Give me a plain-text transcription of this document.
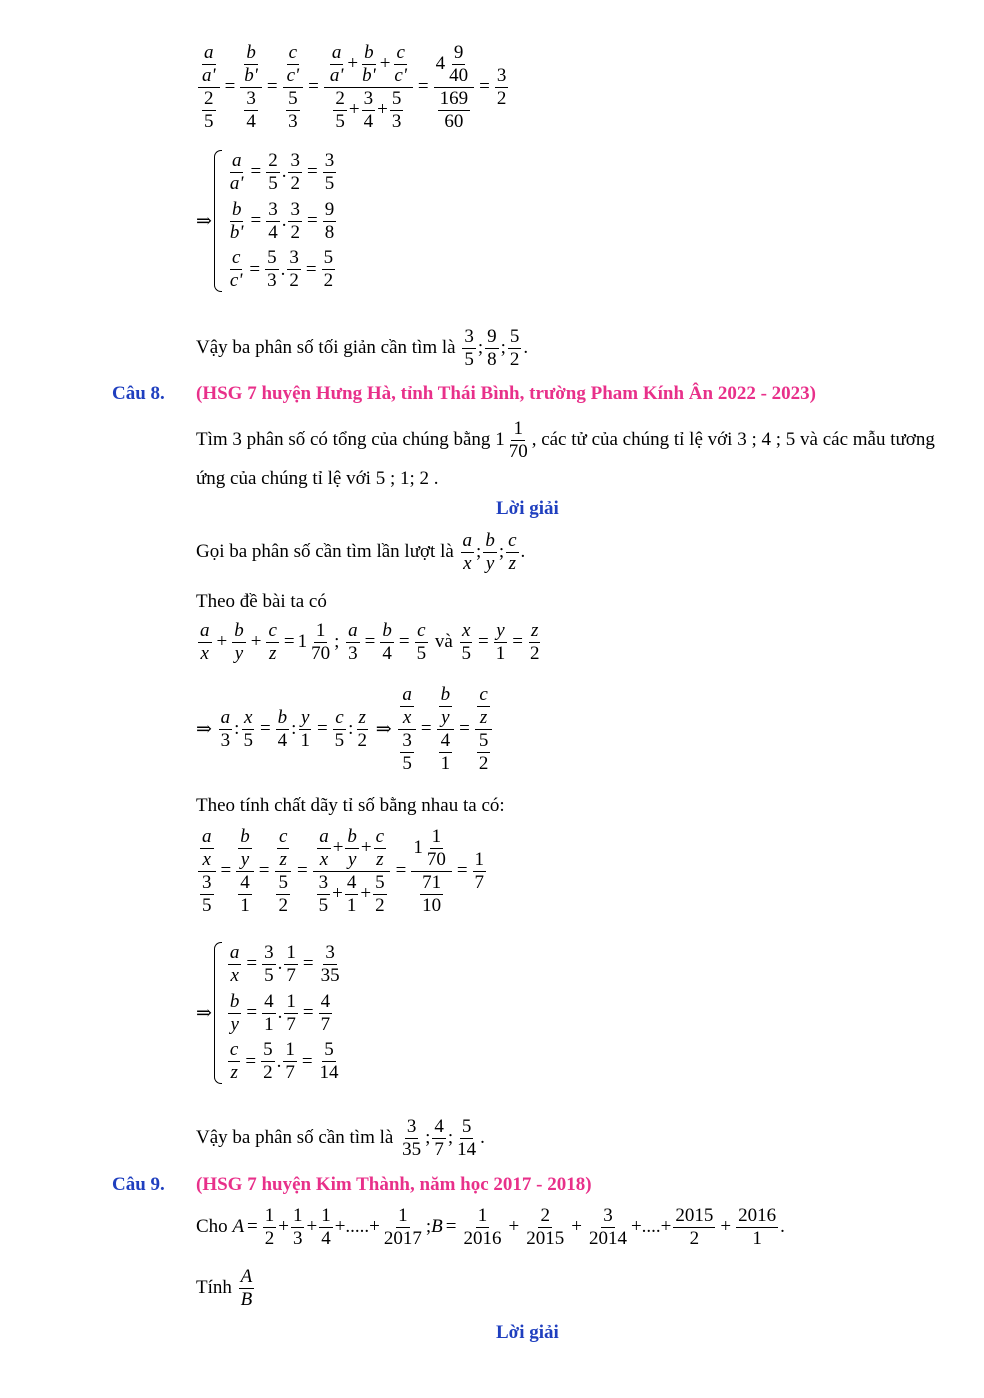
$\frac{\frac{a}{a'}}{\frac{2}{5}} = \frac{\frac{b}{b'}}{\frac{3}{4}} = \frac{\frac{c}{c'}}{\frac{5}{3}} = a$
a'
+ $\frac{b}{b'} + \frac{c}{c'}$
2
5
+ $\frac{3}{4} + \frac{5}{3} = 4$
9
40
$\frac{169}{60} = \frac{3}{2}$
⇒
$\frac{a}{a'} = \frac{2}{5}$ . $\frac{3}{2} = \frac{3}{5}$
$\frac{b}{b'} = \frac{3}{4}$ . $\frac{3}{2} = \frac{9}{8}$
$\frac{c}{c'} = \frac{5}{3}$ . $\frac{3}{2} = \frac{5}{2}$
Vậy ba phân số tối giản cần tìm là

3
5
;
9
8
;
5
2
.
Câu 8. (HSG 7 huyện Hưng Hà, tỉnh Thái Bình, trường Pham Kính Ân 2022 - 2023)
Tìm 3 phân số có tổng của chúng bằng
1
1
70
, các tử của chúng tỉ lệ với
3 ; 4 ; 5
và các mẫu tương
ứng của chúng tỉ lệ với
5 ; 1; 2 .
Lời giải
Gọi ba phân số cần tìm lần lượt là

a
x
;
b
y
;
c
z
.
Theo đề bài ta có
a
x
+ $\frac{b}{y} + \frac{c}{z} = 1$
1
70
; $\frac{a}{3} = \frac{b}{4} = \frac{c}{5}$
và
$\frac{x}{5} = \frac{y}{1} = \frac{z}{2}$
⇒

a
3
: $\frac{x}{5} = \frac{b}{4}$ : $\frac{y}{1} = \frac{c}{5}$ :
z
2

⇒
$\frac{\frac{a}{x}}{\frac{3}{5}} = \frac{\frac{b}{y}}{\frac{4}{1}} = \frac{\frac{c}{z}}{\frac{5}{2}}$
Theo tính chất dãy tỉ số bằng nhau ta có:
$\frac{\frac{a}{x}}{\frac{3}{5}} = \frac{\frac{b}{y}}{\frac{4}{1}} = \frac{\frac{c}{z}}{\frac{5}{2}} = a$
x
+ $\frac{b}{y} + \frac{c}{z}$
3
5
+ $\frac{4}{1} + \frac{5}{2} = 1$
1
70
$\frac{71}{10} = \frac{1}{7}$
⇒
$\frac{a}{x} = \frac{3}{5}$ . $\frac{1}{7} = \frac{3}{35}$
$\frac{b}{y} = \frac{4}{1}$ . $\frac{1}{7} = \frac{4}{7}$
$\frac{c}{z} = \frac{5}{2}$ . $\frac{1}{7} = \frac{5}{14}$
Vậy ba phân số cần tìm là

3
35
;
4
7
;
5
14
.
Câu 9. (HSG 7 huyện Kim Thành, năm học 2017 - 2018)
Cho
$A = \frac{1}{2} + \frac{1}{3} + \frac{1}{4}$ + ..... + $\frac{1}{2017}$ ; $B = \frac{1}{2016} + \frac{2}{2015} + \frac{3}{2014}$ + .... + $\frac{2015}{2} + \frac{2016}{1}$ .
Tính

A
B
Lời giải
